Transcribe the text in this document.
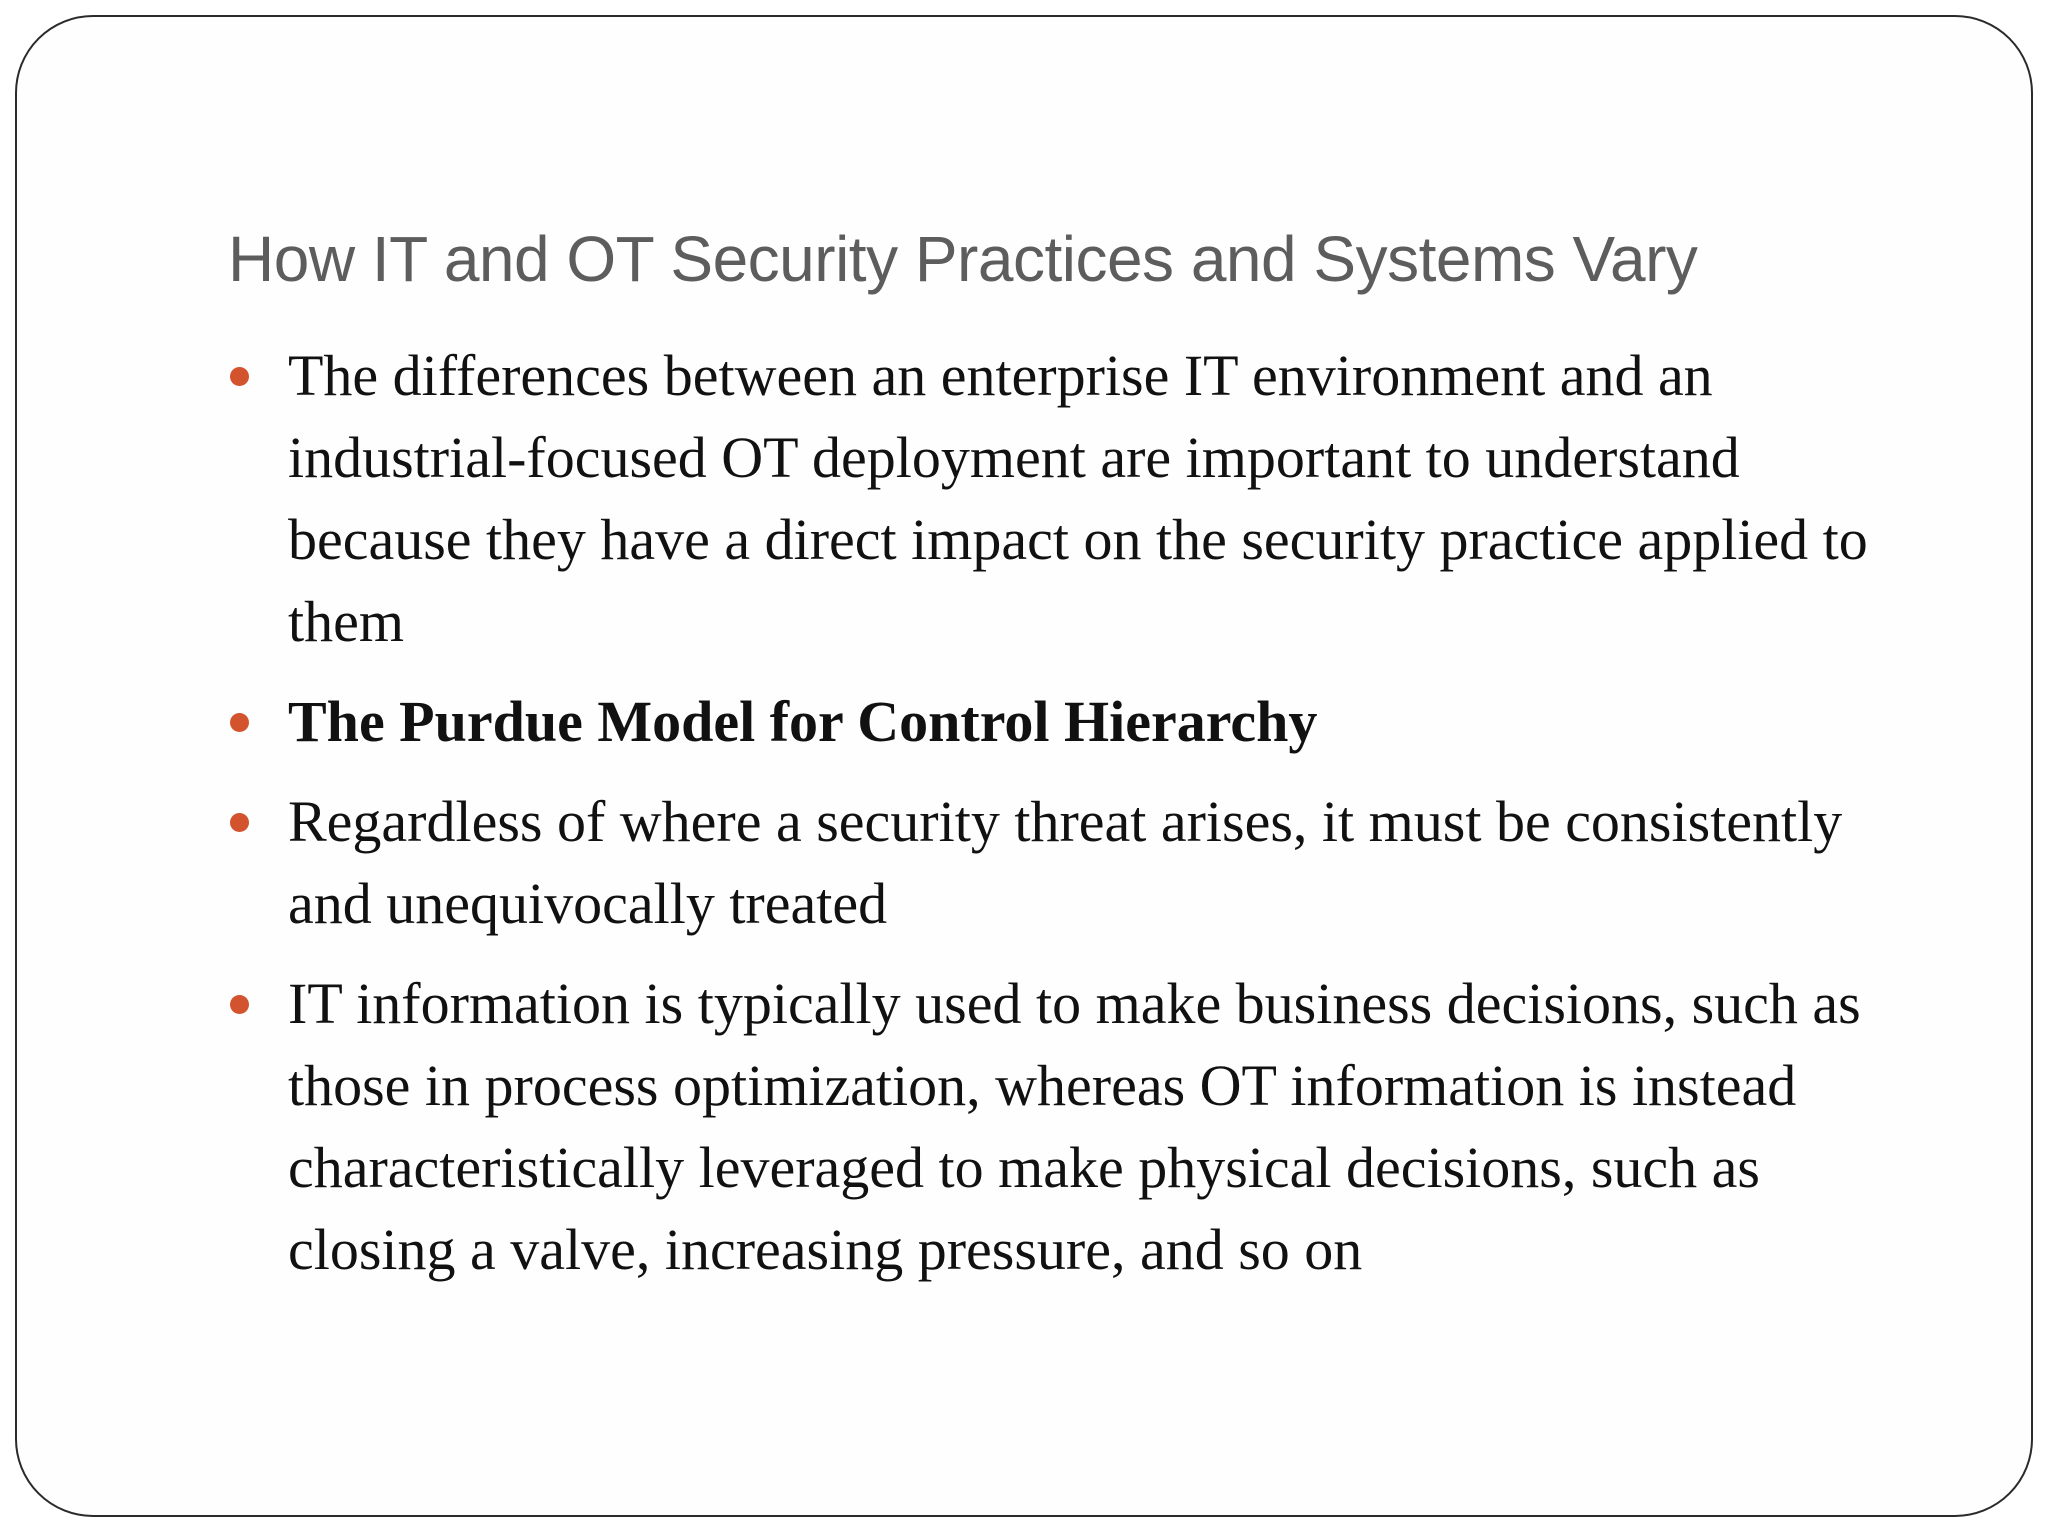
How IT and OT Security Practices and Systems Vary
The differences between an enterprise IT environment and an industrial-focused OT deployment are important to understand because they have a direct impact on the security practice applied to them
The Purdue Model for Control Hierarchy
Regardless of where a security threat arises, it must be consistently and unequivocally treated
IT information is typically used to make business decisions, such as those in process optimization, whereas OT information is instead characteristically leveraged to make physical decisions, such as closing a valve, increasing pressure, and so on
